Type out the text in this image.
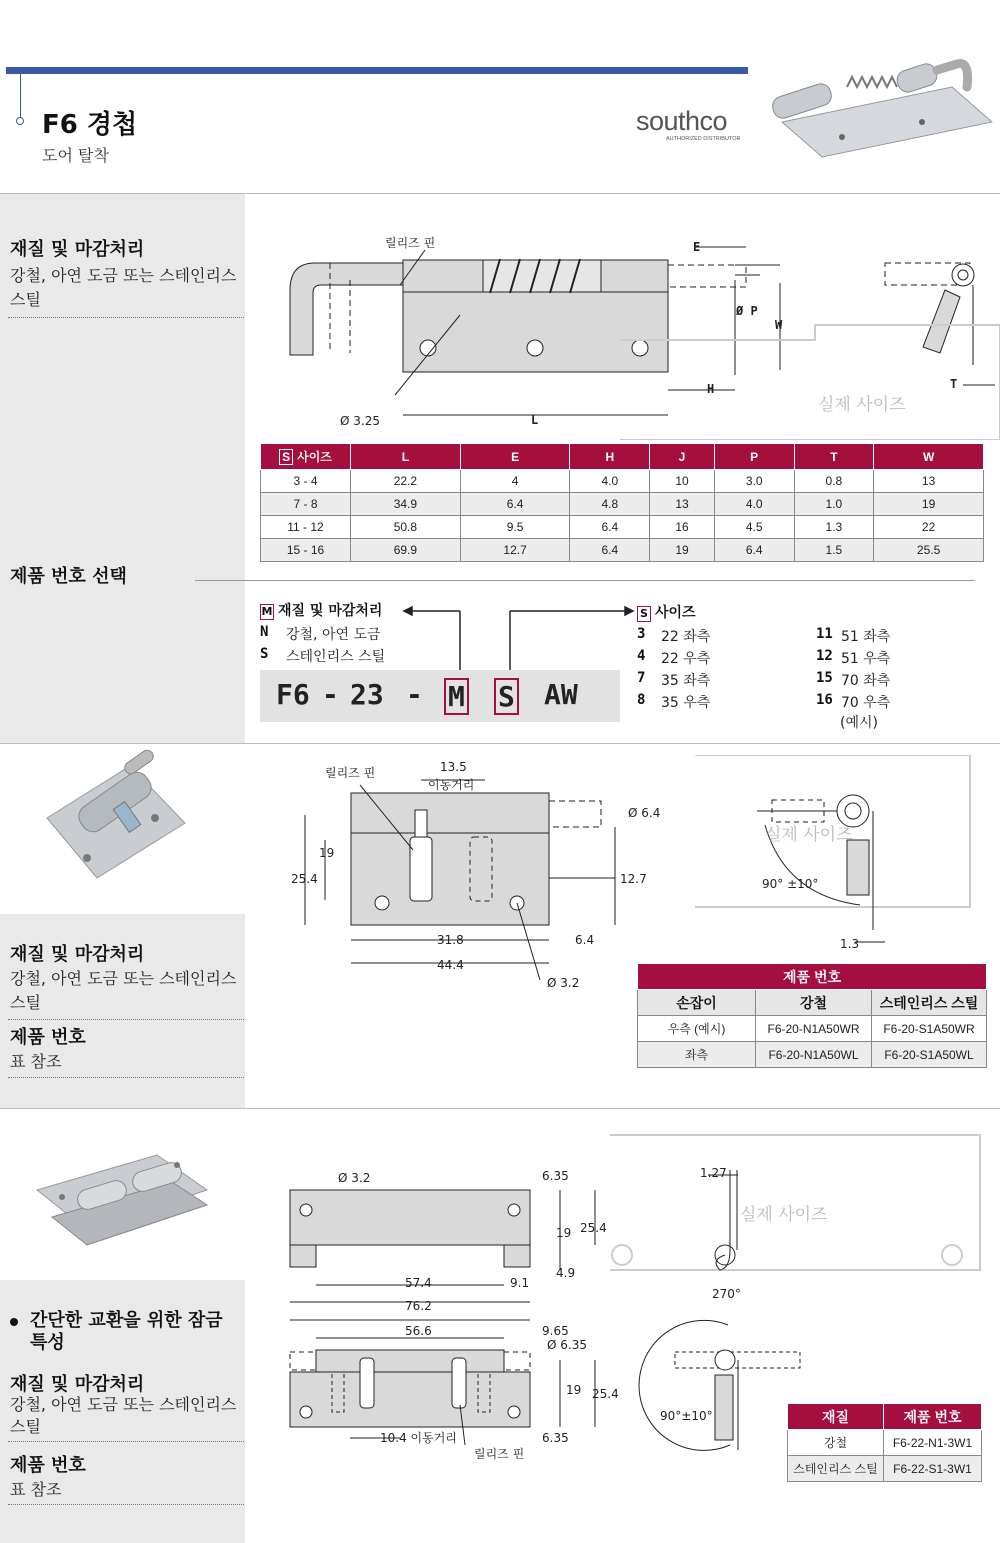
F6 경첩
도어 탈착
southco
AUTHORIZED DISTRIBUTOR
재질 및 마감처리
강철, 아연 도금 또는 스테인리스 스틸
제품 번호 선택
릴리즈 핀	E
Ø P
W
H
L
T
Ø 3.25
실제 사이즈
S 사이즈	L	E	H	J	P	T	W
3 - 4	22.2	4	4.0	10	3.0	0.8	13
7 - 8	34.9	6.4	4.8	13	4.0	1.0	19
11 - 12	50.8	9.5	6.4	16	4.5	1.3	22
15 - 16	69.9	12.7	6.4	19	6.4	1.5	25.5
M 재질 및 마감처리
N 강철, 아연 도금
S 스테인리스 스틸
F6 - 23 - M S AW
S 사이즈
3 22 좌측
4 22 우측
7 35 좌측
8 35 우측
11 51 좌측
12 51 우측
15 70 좌측
16 70 우측
(예시)
재질 및 마감처리
강철, 아연 도금 또는 스테인리스 스틸
제품 번호
표 참조
릴리즈 핀	13.5
이동거리
Ø 6.4
19
25.4	12.7
31.8
44.4
6.4
Ø 3.2
90° ±10°
1.3
실제 사이즈
제품 번호		
손잡이	강철	스테인리스 스틸
우측 (예시)	F6-20-N1A50WR	F6-20-S1A50WR
좌측	F6-20-N1A50WL	F6-20-S1A50WL
간단한 교환을 위한 잠금 특성
재질 및 마감처리
강철, 아연 도금 또는 스테인리스 스틸
제품 번호
표 참조
Ø 3.2	6.35
19 25.4
4.9
57.4	9.1
76.2
56.6	9.65
Ø 6.35
19 25.4
6.35
10.4 이동거리
릴리즈 핀
1.27
실제 사이즈
270°
90°±10°	재질	제품 번호
강철	F6-22-N1-3W1
스테인리스 스틸	F6-22-S1-3W1
